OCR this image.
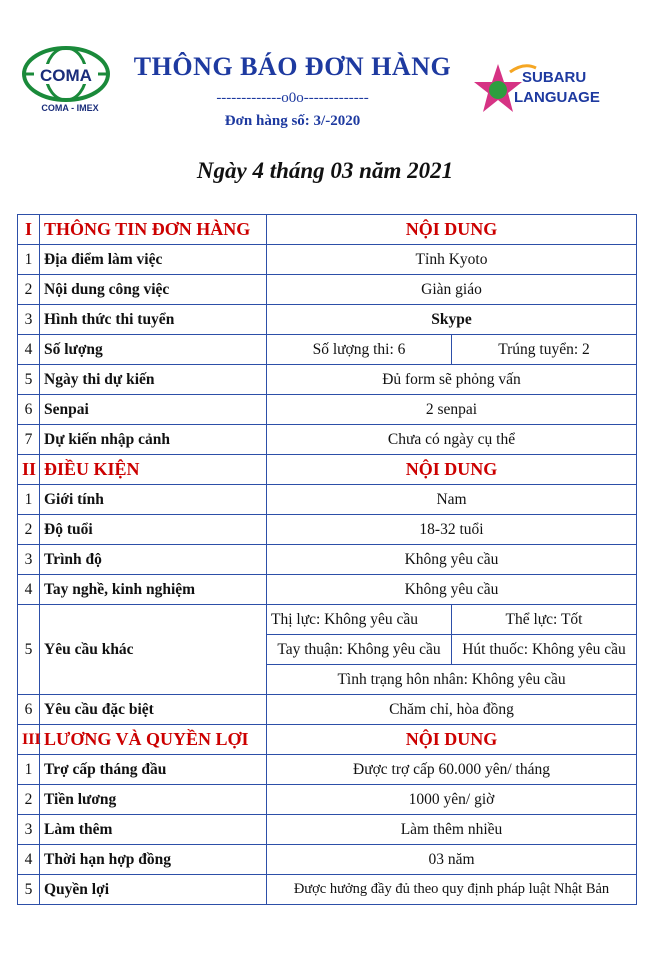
COMA
COMA - IMEX
THÔNG BÁO ĐƠN HÀNG
-------------o0o-------------
Đơn hàng số: 3/-2020
SUBARU
LANGUAGE
Ngày 4 tháng 03 năm 2021
I	THÔNG TIN ĐƠN HÀNG	NỘI DUNG	
1	Địa điểm làm việc	Tỉnh Kyoto	
2	Nội dung công việc	Giàn giáo	
3	Hình thức thi tuyển	Skype	
4	Số lượng	Số lượng thi: 6	Trúng tuyển: 2
5	Ngày thi dự kiến	Đủ form sẽ phỏng vấn	
6	Senpai	2 senpai	
7	Dự kiến nhập cảnh	Chưa có ngày cụ thể	
II	ĐIỀU KIỆN	NỘI DUNG	
1	Giới tính	Nam	
2	Độ tuổi	18-32 tuổi	
3	Trình độ	Không yêu cầu	
4	Tay nghề, kinh nghiệm	Không yêu cầu	
5	Yêu cầu khác	Thị lực: Không yêu cầu	Thể lực: Tốt
		Tay thuận: Không yêu cầu	Hút thuốc: Không yêu cầu
		Tình trạng hôn nhân: Không yêu cầu	
6	Yêu cầu đặc biệt	Chăm chỉ, hòa đồng	
III	LƯƠNG VÀ QUYỀN LỢI	NỘI DUNG	
1	Trợ cấp tháng đầu	Được trợ cấp 60.000 yên/ tháng	
2	Tiền lương	1000 yên/ giờ	
3	Làm thêm	Làm thêm nhiều	
4	Thời hạn hợp đồng	03 năm	
5	Quyền lợi	Được hưởng đầy đủ theo quy định pháp luật Nhật Bản	
